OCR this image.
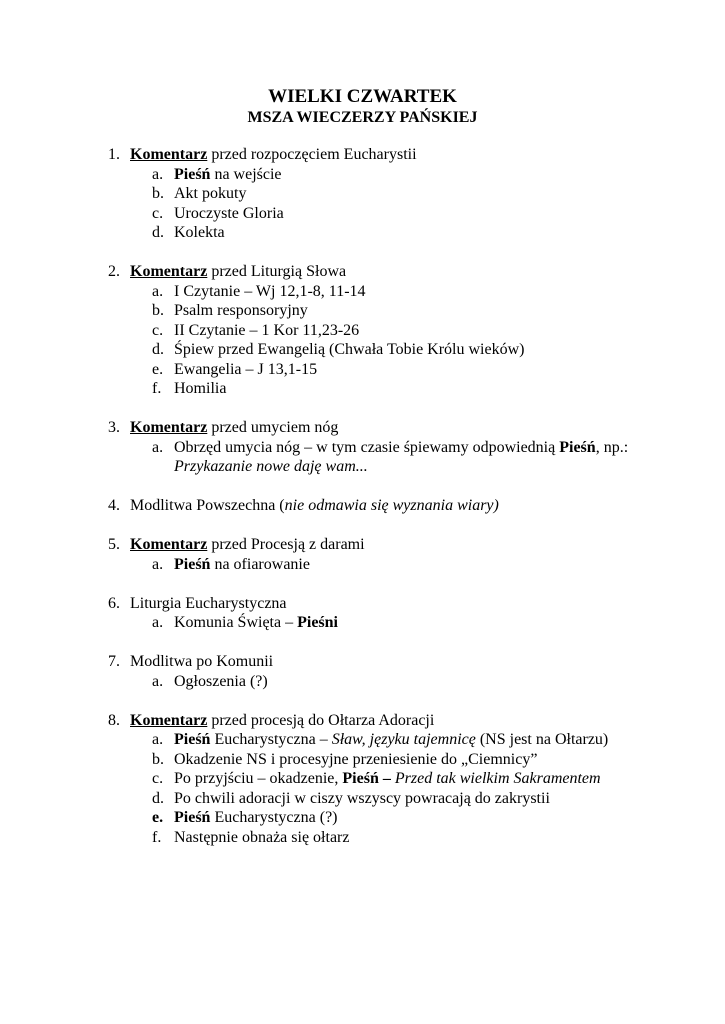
WIELKI CZWARTEK
MSZA WIECZERZY PAŃSKIEJ
1. Komentarz przed rozpoczęciem Eucharystii
a. Pieśń na wejście
b. Akt pokuty
c. Uroczyste Gloria
d. Kolekta
2. Komentarz przed Liturgią Słowa
a. I Czytanie – Wj 12,1-8, 11-14
b. Psalm responsoryjny
c. II Czytanie – 1 Kor 11,23-26
d. Śpiew przed Ewangelią (Chwała Tobie Królu wieków)
e. Ewangelia – J 13,1-15
f. Homilia
3. Komentarz przed umyciem nóg
a. Obrzęd umycia nóg – w tym czasie śpiewamy odpowiednią Pieśń, np.: Przykazanie nowe daję wam...
4. Modlitwa Powszechna (nie odmawia się wyznania wiary)
5. Komentarz przed Procesją z darami
a. Pieśń na ofiarowanie
6. Liturgia Eucharystyczna
a. Komunia Święta – Pieśni
7. Modlitwa po Komunii
a. Ogłoszenia (?)
8. Komentarz przed procesją do Ołtarza Adoracji
a. Pieśń Eucharystyczna – Sław, języku tajemnicę (NS jest na Ołtarzu)
b. Okadzenie NS i procesyjne przeniesienie do „Ciemnicy”
c. Po przyjściu – okadzenie, Pieśń – Przed tak wielkim Sakramentem
d. Po chwili adoracji w ciszy wszyscy powracają do zakrystii
e. Pieśń Eucharystyczna (?)
f. Następnie obnaża się ołtarz
